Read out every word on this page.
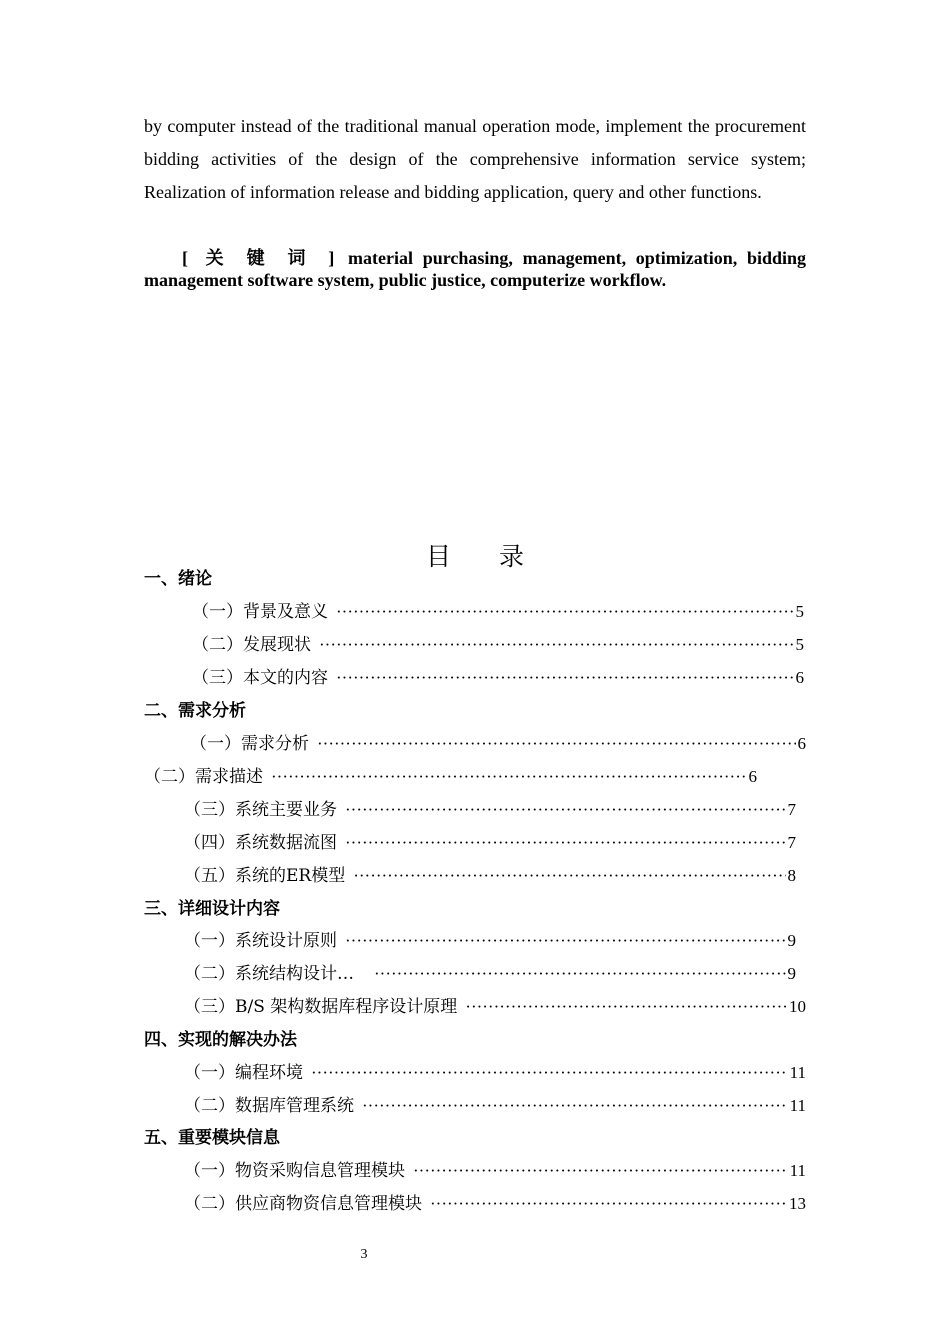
by computer instead of the traditional manual operation mode, implement the procurement bidding activities of the design of the comprehensive information service system; Realization of information release and bidding application, query and other functions.

[ 关 键 词 ] material purchasing, management, optimization, bidding management software system, public justice, computerize workflow.

目 录
一、绪论
（一）背景及意义 ·····	5
（二）发展现状 ·····	5
（三）本文的内容 ·····	6
二、需求分析
（一）需求分析 ·····	6
（二）需求描述 ·····	6
（三）系统主要业务 ·····	7
（四）系统数据流图 ·····	7
（五）系统的ER模型 ·····	8
三、详细设计内容
（一）系统设计原则 ·····	9
（二）系统结构设计… ·····	9
（三）B/S 架构数据库程序设计原理 ·····	10
四、实现的解决办法
（一）编程环境 ·····	11
（二）数据库管理系统 ·····	11
五、重要模块信息
（一）物资采购信息管理模块 ·····	11
（二）供应商物资信息管理模块 ·····	13
3
